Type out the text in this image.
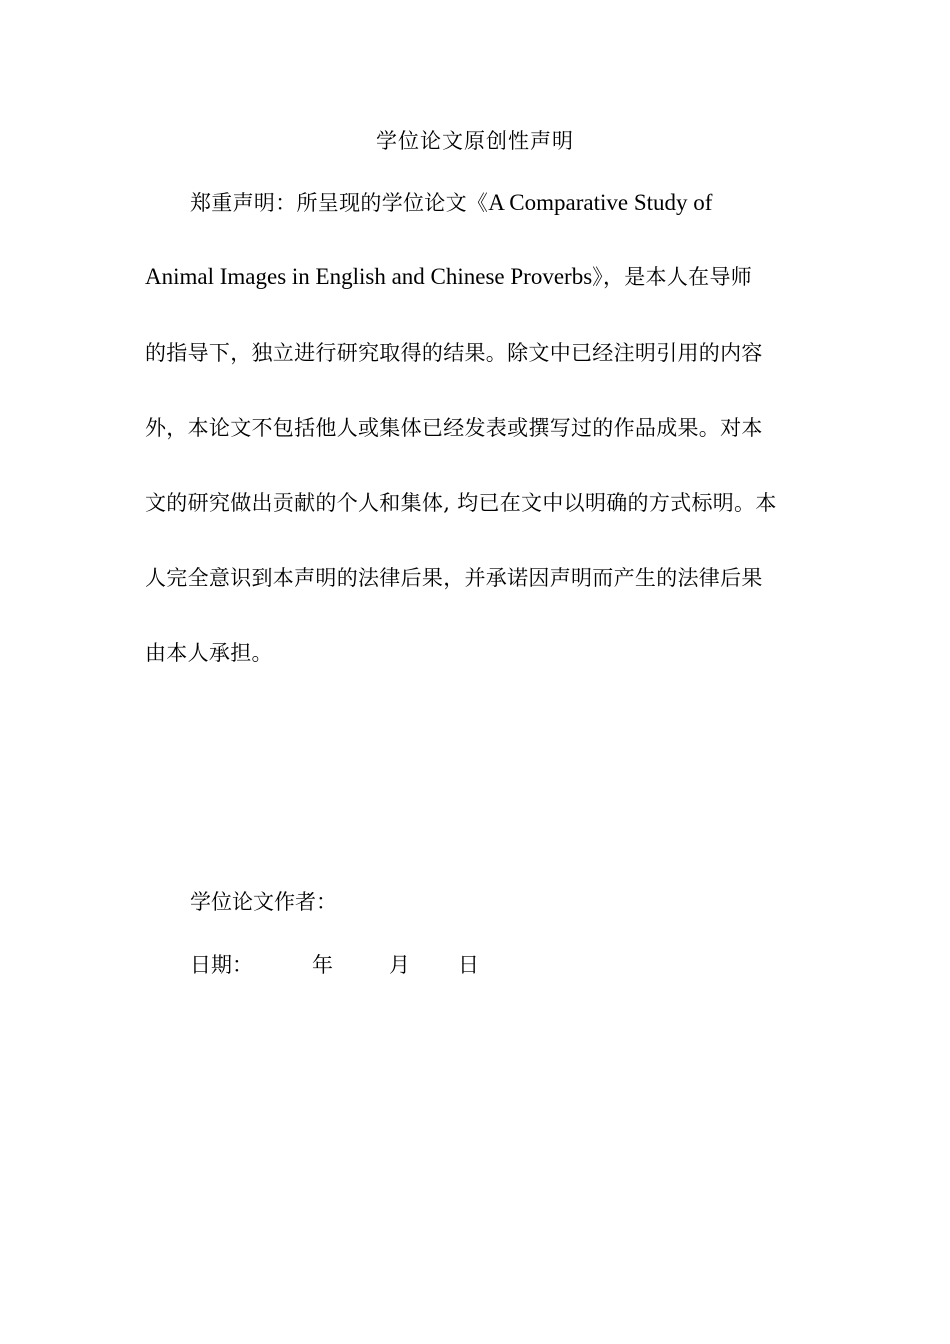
学位论文原创性声明
郑重声明：所呈现的学位论文《A Comparative Study of
Animal Images in English and Chinese Proverbs》，是本人在导师
的指导下，独立进行研究取得的结果。除文中已经注明引用的内容
外，本论文不包括他人或集体已经发表或撰写过的作品成果。对本
文的研究做出贡献的个人和集体, 均已在文中以明确的方式标明。本
人完全意识到本声明的法律后果，并承诺因声明而产生的法律后果
由本人承担。
学位论文作者：
日期：	年	月 日
